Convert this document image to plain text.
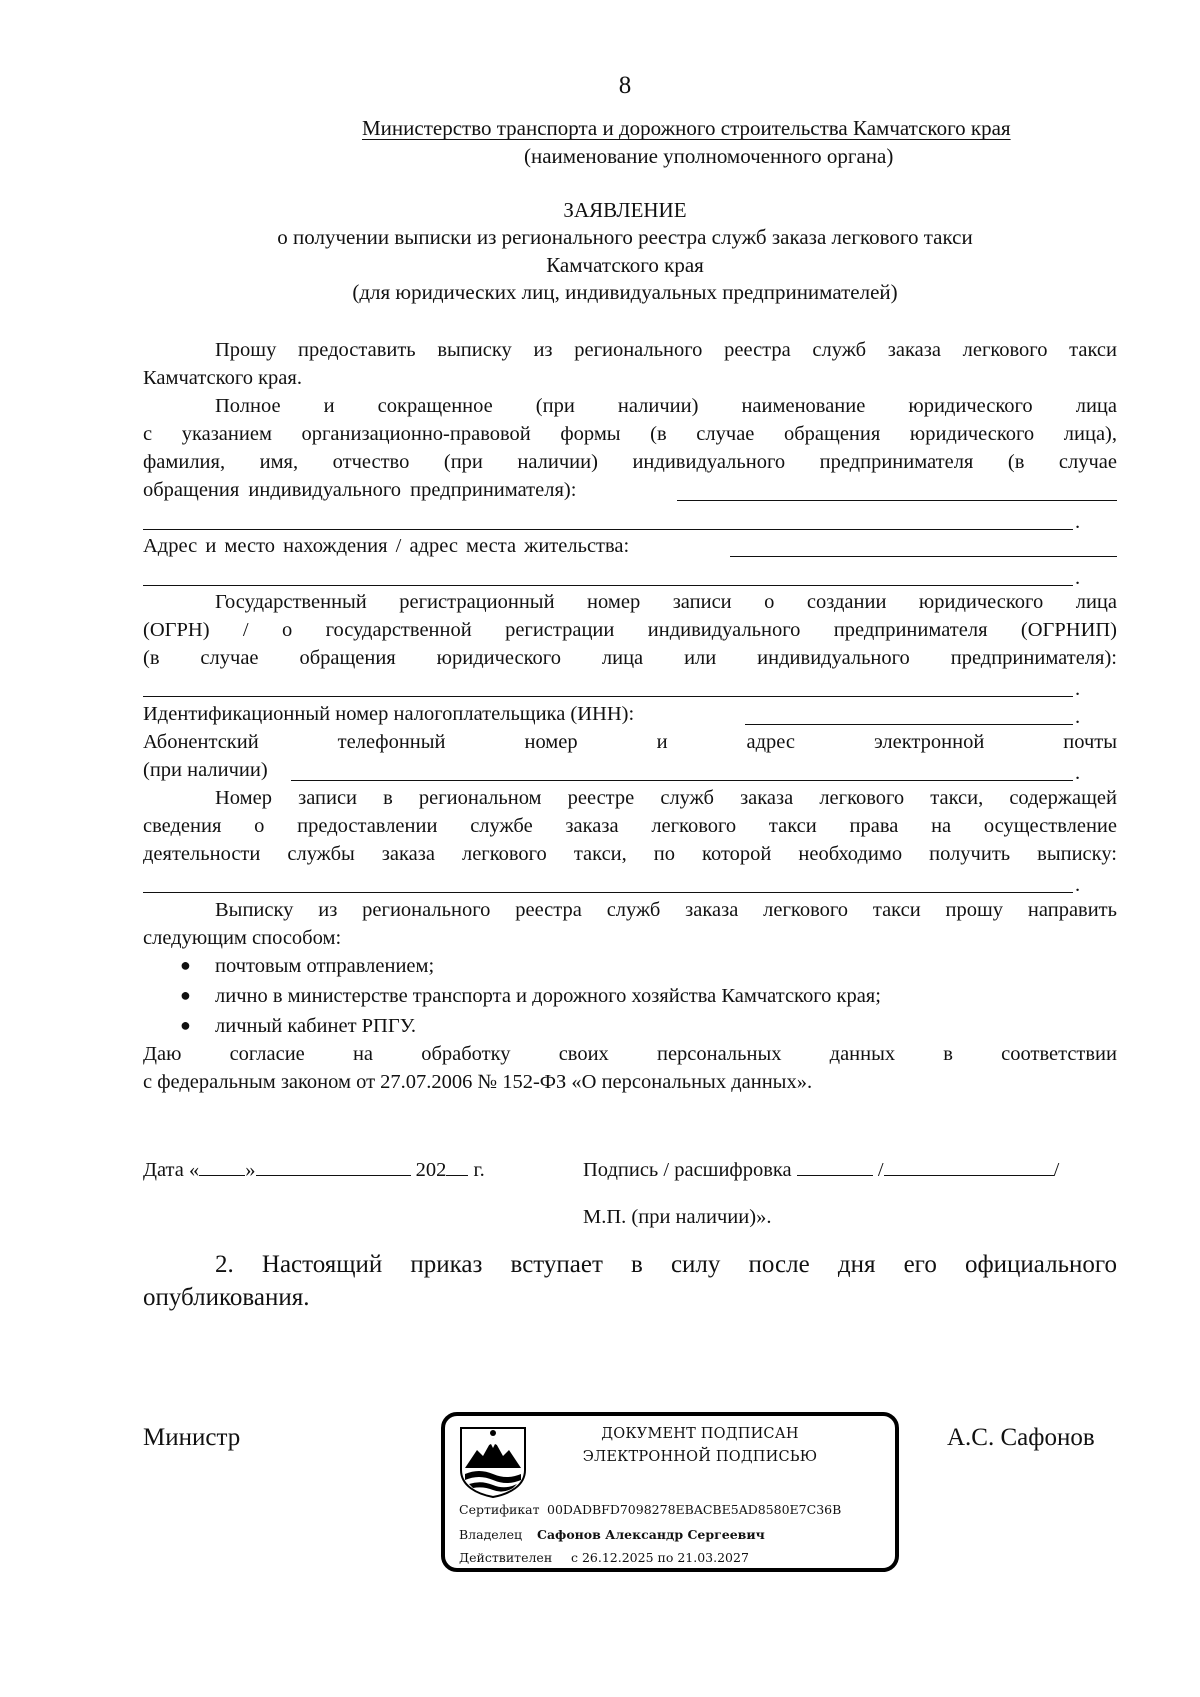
8
Министерство транспорта и дорожного строительства Камчатского края
(наименование уполномоченного органа)
ЗАЯВЛЕНИЕ
о получении выписки из регионального реестра служб заказа легкового такси
Камчатского края
(для юридических лиц, индивидуальных предпринимателей)
Прошу предоставить выписку из регионального реестра служб заказа легкового такси
Камчатского края.
Полное и сокращенное (при наличии) наименование юридического лица
с указанием организационно-правовой формы (в случае обращения юридического лица),
фамилия, имя, отчество (при наличии) индивидуального предпринимателя (в случае
обращения индивидуального предпринимателя):
.
Адрес и место нахождения / адрес места жительства:
.
Государственный регистрационный номер записи о создании юридического лица
(ОГРН) / о государственной регистрации индивидуального предпринимателя (ОГРНИП)
(в случае обращения юридического лица или индивидуального предпринимателя):
.
Идентификационный номер налогоплательщика (ИНН):	.
Абонентский телефонный номер и адрес электронной почты
(при наличии)	.
Номер записи в региональном реестре служб заказа легкового такси, содержащей
сведения о предоставлении службе заказа легкового такси права на осуществление
деятельности службы заказа легкового такси, по которой необходимо получить выписку:
.
Выписку из регионального реестра служб заказа легкового такси прошу направить
следующим способом:
● почтовым отправлением;
● лично в министерстве транспорта и дорожного хозяйства Камчатского края;
● личный кабинет РПГУ.
Даю согласие на обработку своих персональных данных в соответствии
с федеральным законом от 27.07.2006 № 152-ФЗ «О персональных данных».
Дата « »	202 г.	Подпись / расшифровка	/	/
М.П. (при наличии)».
2. Настоящий приказ вступает в силу после дня его официального
опубликования.
Министр	А.С. Сафонов
ДОКУМЕНТ ПОДПИСАН
ЭЛЕКТРОННОЙ ПОДПИСЬЮ
Сертификат 00DADBFD7098278EBACBE5AD8580E7C36B
Владелец Сафонов Александр Сергеевич
Действителен с 26.12.2025 по 21.03.2027
